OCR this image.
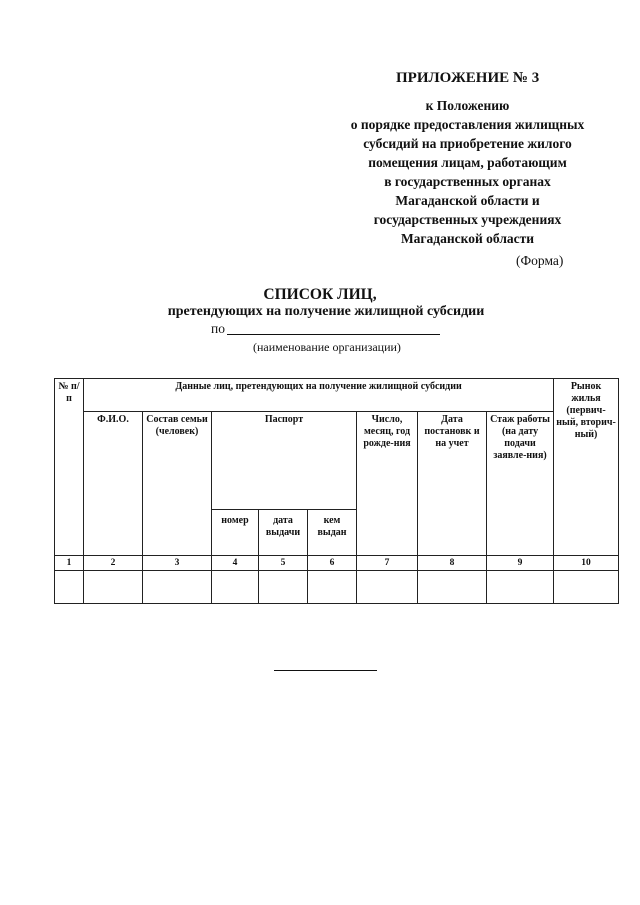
ПРИЛОЖЕНИЕ № 3
к Положению
о порядке предоставления жилищных
субсидий на приобретение жилого
помещения лицам, работающим
в государственных органах
Магаданской области и
государственных учреждениях
Магаданской области
(Форма)
СПИСОК ЛИЦ,
претендующих на получение жилищной субсидии
по
(наименование организации)
№ п/п	Данные лиц, претендующих на получение жилищной субсидии								Рынок жилья (первич-ный, вторич-ный)
	Ф.И.О.	Состав семьи (человек)	Паспорт			Число, месяц, год рожде-ния	Дата постановк и на учет	Стаж работы (на дату подачи заявле-ния)	
			номер	дата выдачи	кем выдан				
1	2	3	4	5	6	7	8	9	10
